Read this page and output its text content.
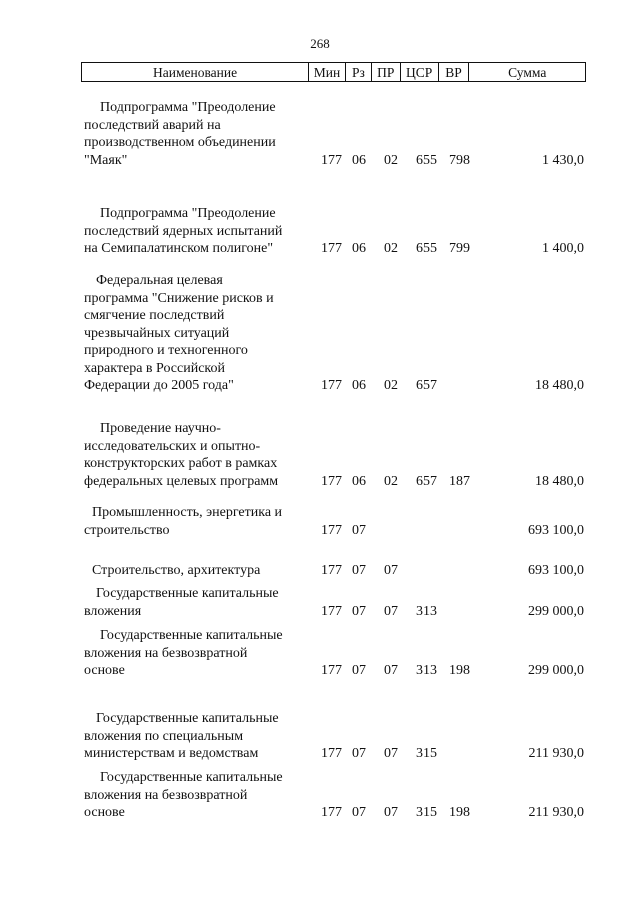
268
Наименование	Мин Рз ПР ЦСР ВР	Сумма
Подпрограмма "Преодоление
последствий аварий на
производственном объединении
"Маяк"	177 06 02 655 798	1 430,0
Подпрограмма "Преодоление
последствий ядерных испытаний
на Семипалатинском полигоне"	177 06 02 655 799	1 400,0
Федеральная целевая
программа "Снижение рисков и
смягчение последствий
чрезвычайных ситуаций
природного и техногенного
характера в Российской
Федерации до 2005 года"	177 06 02 657	18 480,0
Проведение научно-
исследовательских и опытно-
конструкторских работ в рамках
федеральных целевых программ	177 06 02 657 187	18 480,0
Промышленность, энергетика и
строительство	177 07	693 100,0
Строительство, архитектура	177 07 07	693 100,0
Государственные капитальные
вложения	177 07 07 313	299 000,0
Государственные капитальные
вложения на безвозвратной
основе	177 07 07 313 198	299 000,0
Государственные капитальные
вложения по специальным
министерствам и ведомствам	177 07 07 315	211 930,0
Государственные капитальные
вложения на безвозвратной
основе	177 07 07 315 198	211 930,0
